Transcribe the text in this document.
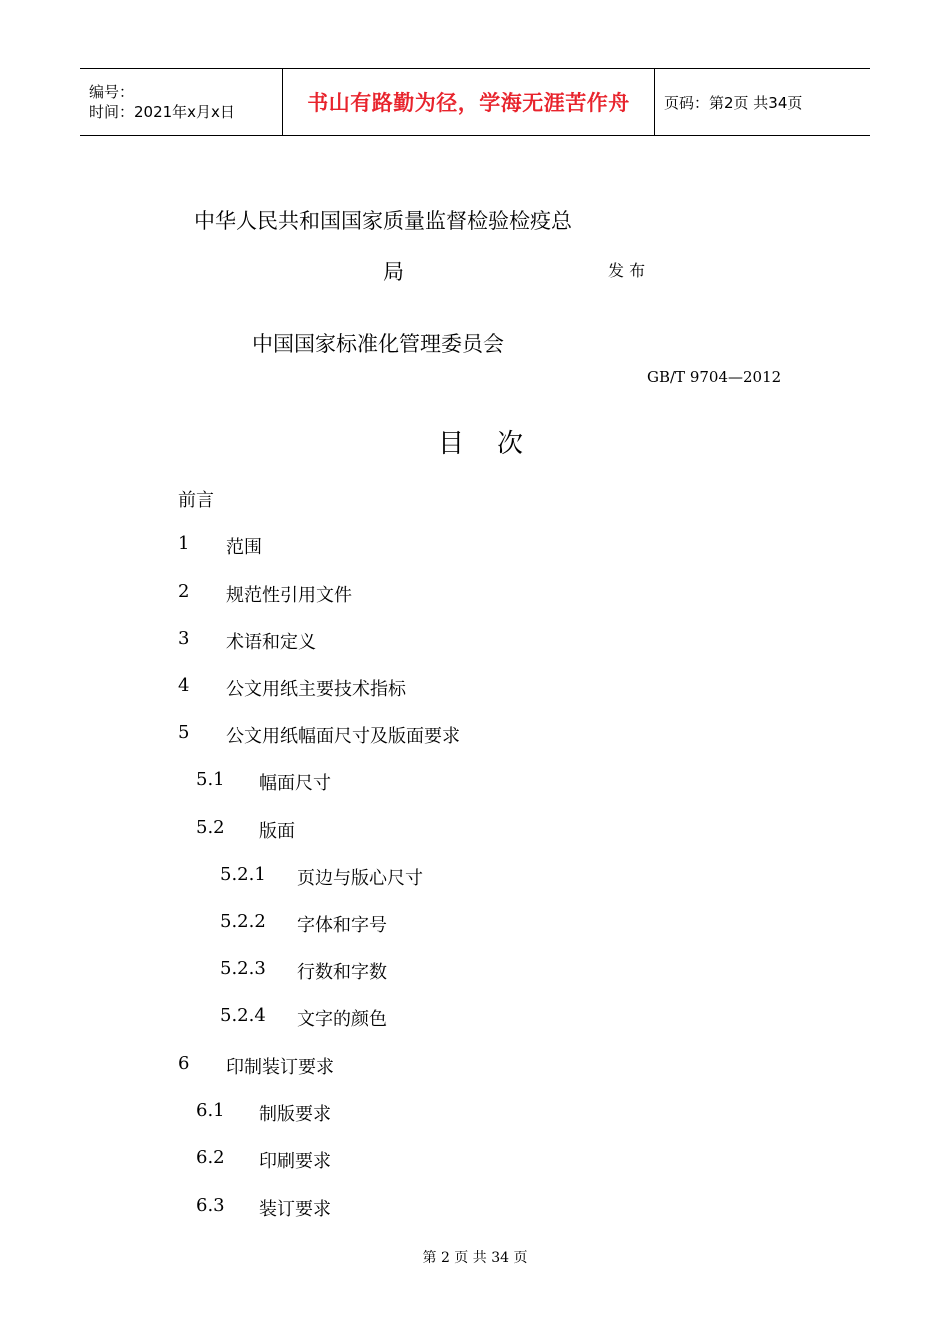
编号：
时间：2021年x月x日	书山有路勤为径，学海无涯苦作舟 页码：第2页 共34页
中华人民共和国国家质量监督检验检疫总
局	发 布
中国国家标准化管理委员会
GB/T 9704—2012
目    次
前言
1 范围
2 规范性引用文件
3 术语和定义
4 公文用纸主要技术指标
5 公文用纸幅面尺寸及版面要求
5.1 幅面尺寸
5.2 版面
5.2.1 页边与版心尺寸
5.2.2 字体和字号
5.2.3 行数和字数
5.2.4 文字的颜色
6 印制装订要求
6.1 制版要求
6.2 印刷要求
6.3 装订要求
第 2 页 共 34 页
